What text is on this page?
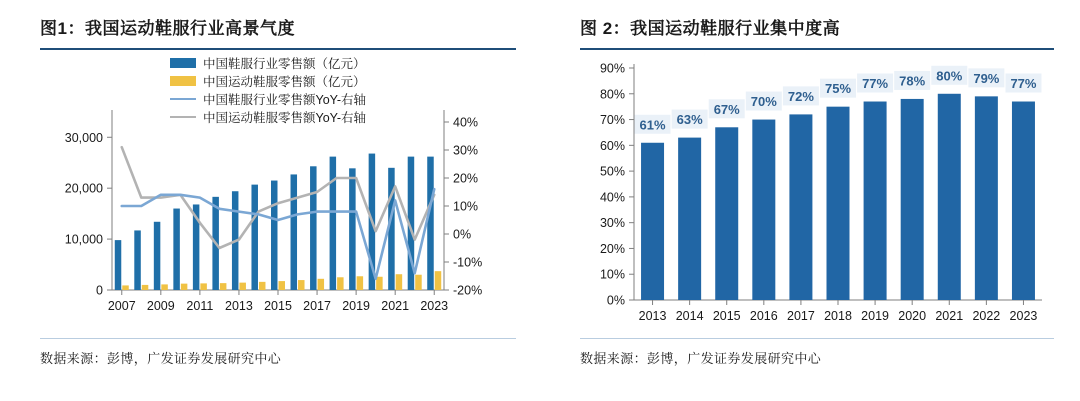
图1：我国运动鞋服行业高景气度
中国鞋服行业零售额（亿元）
中国运动鞋服零售额（亿元）
中国鞋服行业零售额YoY-右轴
中国运动鞋服零售额YoY-右轴
0
10,000
20,000
30,000
-20%
-10%
0%
10%
20%
30%
40%
2007 2009 2011 2013 2015 2017 2019 2021 2023
数据来源：彭博，广发证券发展研究中心
图 2：我国运动鞋服行业集中度高
0%
10%
20%
30%
40%
50%
60%
70%
80%
90%
61%
2013
63%
2014
67%
2015
70%
2016
72%
2017
75%
2018
77%
2019
78%
2020
80%
2021
79%
2022
77%
2023
数据来源：彭博，广发证券发展研究中心
